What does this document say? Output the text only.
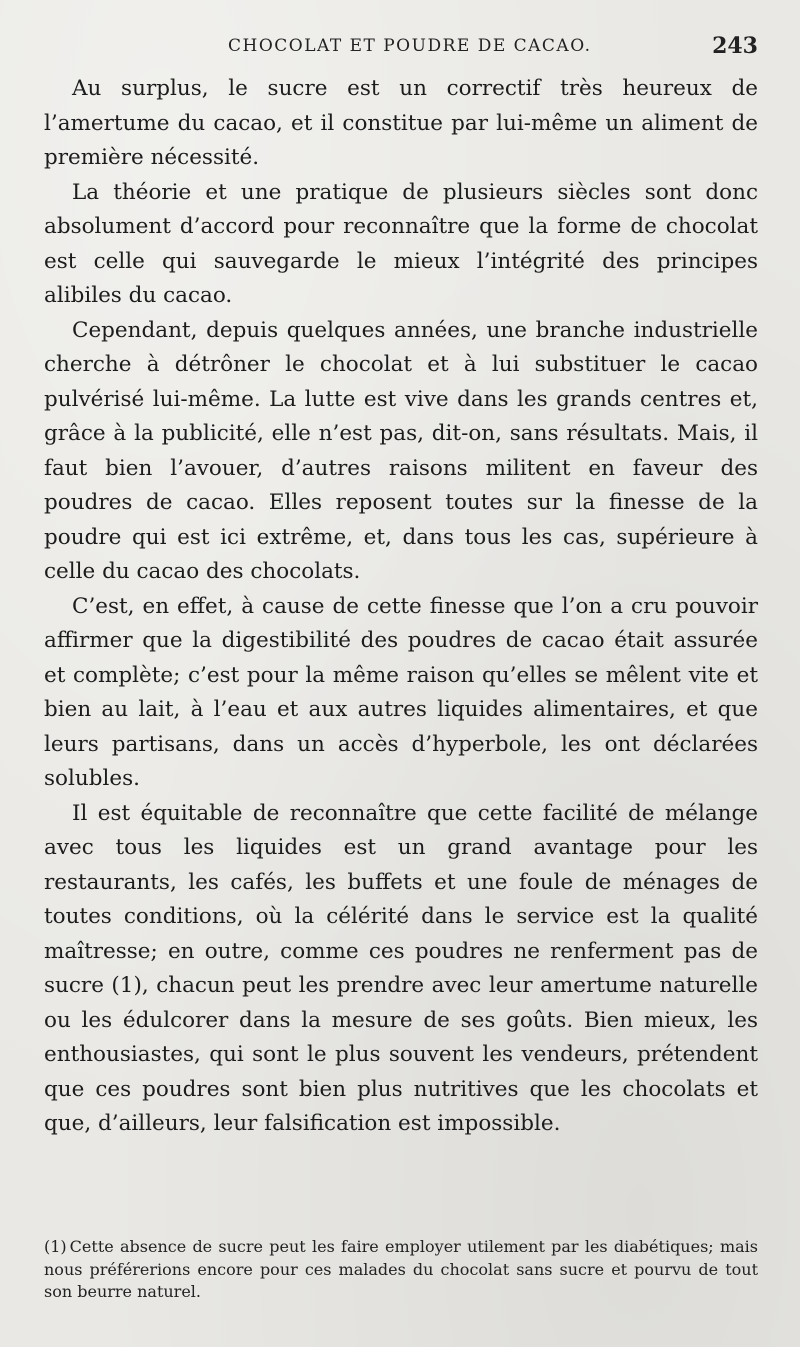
CHOCOLAT ET POUDRE DE CACAO.	243

Au surplus, le sucre est un correctif très heureux de l’amertume du cacao, et il constitue par lui-même un aliment de première nécessité.

La théorie et une pratique de plusieurs siècles sont donc absolument d’accord pour reconnaître que la forme de chocolat est celle qui sauvegarde le mieux l’intégrité des principes alibiles du cacao.

Cependant, depuis quelques années, une branche industrielle cherche à détrôner le chocolat et à lui substituer le cacao pulvérisé lui-même. La lutte est vive dans les grands centres et, grâce à la publicité, elle n’est pas, dit-on, sans résultats. Mais, il faut bien l’avouer, d’autres raisons militent en faveur des poudres de cacao. Elles reposent toutes sur la finesse de la poudre qui est ici extrême, et, dans tous les cas, supérieure à celle du cacao des chocolats.

C’est, en effet, à cause de cette finesse que l’on a cru pouvoir affirmer que la digestibilité des poudres de cacao était assurée et complète; c’est pour la même raison qu’elles se mêlent vite et bien au lait, à l’eau et aux autres liquides alimentaires, et que leurs partisans, dans un accès d’hyperbole, les ont déclarées solubles.

Il est équitable de reconnaître que cette facilité de mélange avec tous les liquides est un grand avantage pour les restaurants, les cafés, les buffets et une foule de ménages de toutes conditions, où la célérité dans le service est la qualité maîtresse; en outre, comme ces poudres ne renferment pas de sucre (1), chacun peut les prendre avec leur amertume naturelle ou les édulcorer dans la mesure de ses goûts. Bien mieux, les enthousiastes, qui sont le plus souvent les vendeurs, prétendent que ces poudres sont bien plus nutritives que les chocolats et que, d’ailleurs, leur falsification est impossible.

(1) Cette absence de sucre peut les faire employer utilement par les diabétiques; mais nous préférerions encore pour ces malades du chocolat sans sucre et pourvu de tout son beurre naturel.
